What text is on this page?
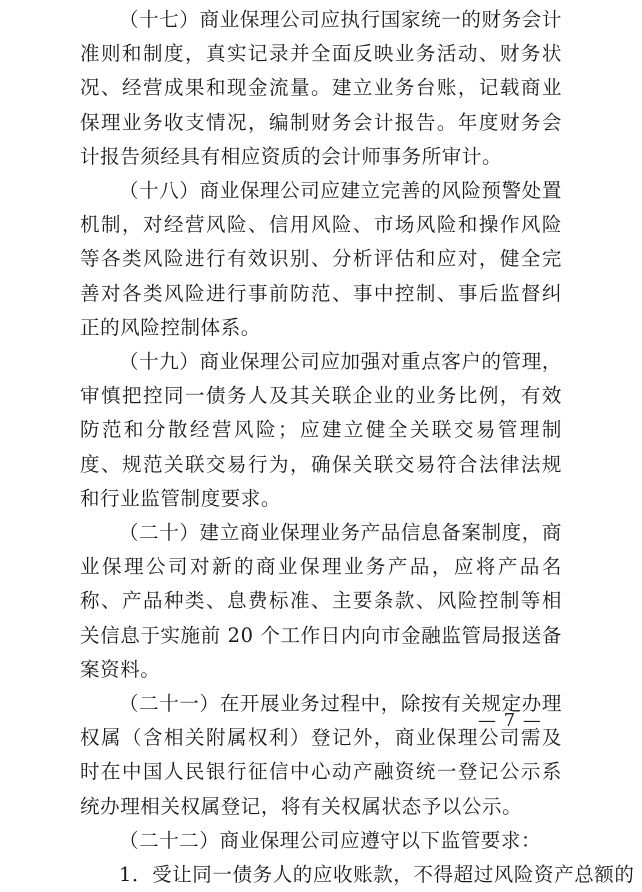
（十七）商业保理公司应执行国家统一的财务会计准则和制度，真实记录并全面反映业务活动、财务状况、经营成果和现金流量。建立业务台账，记载商业保理业务收支情况，编制财务会计报告。年度财务会计报告须经具有相应资质的会计师事务所审计。

（十八）商业保理公司应建立完善的风险预警处置机制，对经营风险、信用风险、市场风险和操作风险等各类风险进行有效识别、分析评估和应对，健全完善对各类风险进行事前防范、事中控制、事后监督纠正的风险控制体系。

（十九）商业保理公司应加强对重点客户的管理，审慎把控同一债务人及其关联企业的业务比例，有效防范和分散经营风险；应建立健全关联交易管理制度、规范关联交易行为，确保关联交易符合法律法规和行业监管制度要求。

（二十）建立商业保理业务产品信息备案制度，商业保理公司对新的商业保理业务产品，应将产品名称、产品种类、息费标准、主要条款、风险控制等相关信息于实施前 20 个工作日内向市金融监管局报送备案资料。

（二十一）在开展业务过程中，除按有关规定办理权属（含相关附属权利）登记外，商业保理公司需及时在中国人民银行征信中心动产融资统一登记公示系统办理相关权属登记，将有关权属状态予以公示。

（二十二）商业保理公司应遵守以下监管要求：

1．受让同一债务人的应收账款，不得超过风险资产总额的

— 7 —
